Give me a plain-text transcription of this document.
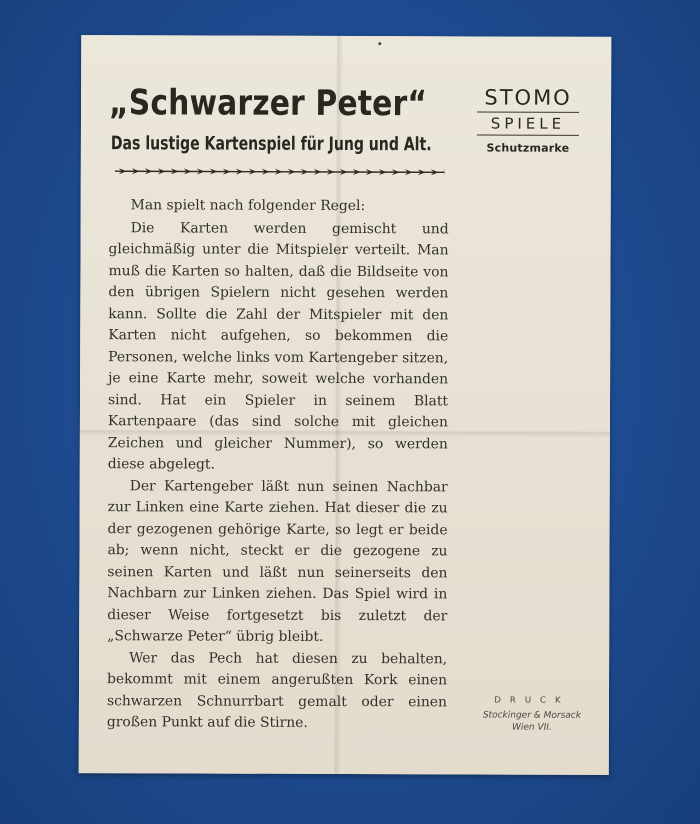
„Schwarzer Peter“
Das lustige Kartenspiel für Jung und Alt.
STOMO
SPIELE
Schutzmarke

Man spielt nach folgender Regel:

Die Karten werden gemischt und gleichmäßig unter die Mitspieler verteilt. Man muß die Karten so halten, daß die Bildseite von den übrigen Spielern nicht gesehen werden kann. Sollte die Zahl der Mitspieler mit den Karten nicht aufgehen, so bekommen die Personen, welche links vom Kartengeber sitzen, je eine Karte mehr, soweit welche vorhanden sind. Hat ein Spieler in seinem Blatt Kartenpaare (das sind solche mit gleichen Zeichen und gleicher Nummer), so werden diese abgelegt.

Der Kartengeber läßt nun seinen Nachbar zur Linken eine Karte ziehen. Hat dieser die zu der gezogenen gehörige Karte, so legt er beide ab; wenn nicht, steckt er die gezogene zu seinen Karten und läßt nun seinerseits den Nachbarn zur Linken ziehen. Das Spiel wird in dieser Weise fortgesetzt bis zuletzt der „Schwarze Peter“ übrig bleibt.

Wer das Pech hat diesen zu behalten, bekommt mit einem angerußten Kork einen schwarzen Schnurrbart gemalt oder einen großen Punkt auf die Stirne.

DRUCK
Stockinger & Morsack
Wien VII.
